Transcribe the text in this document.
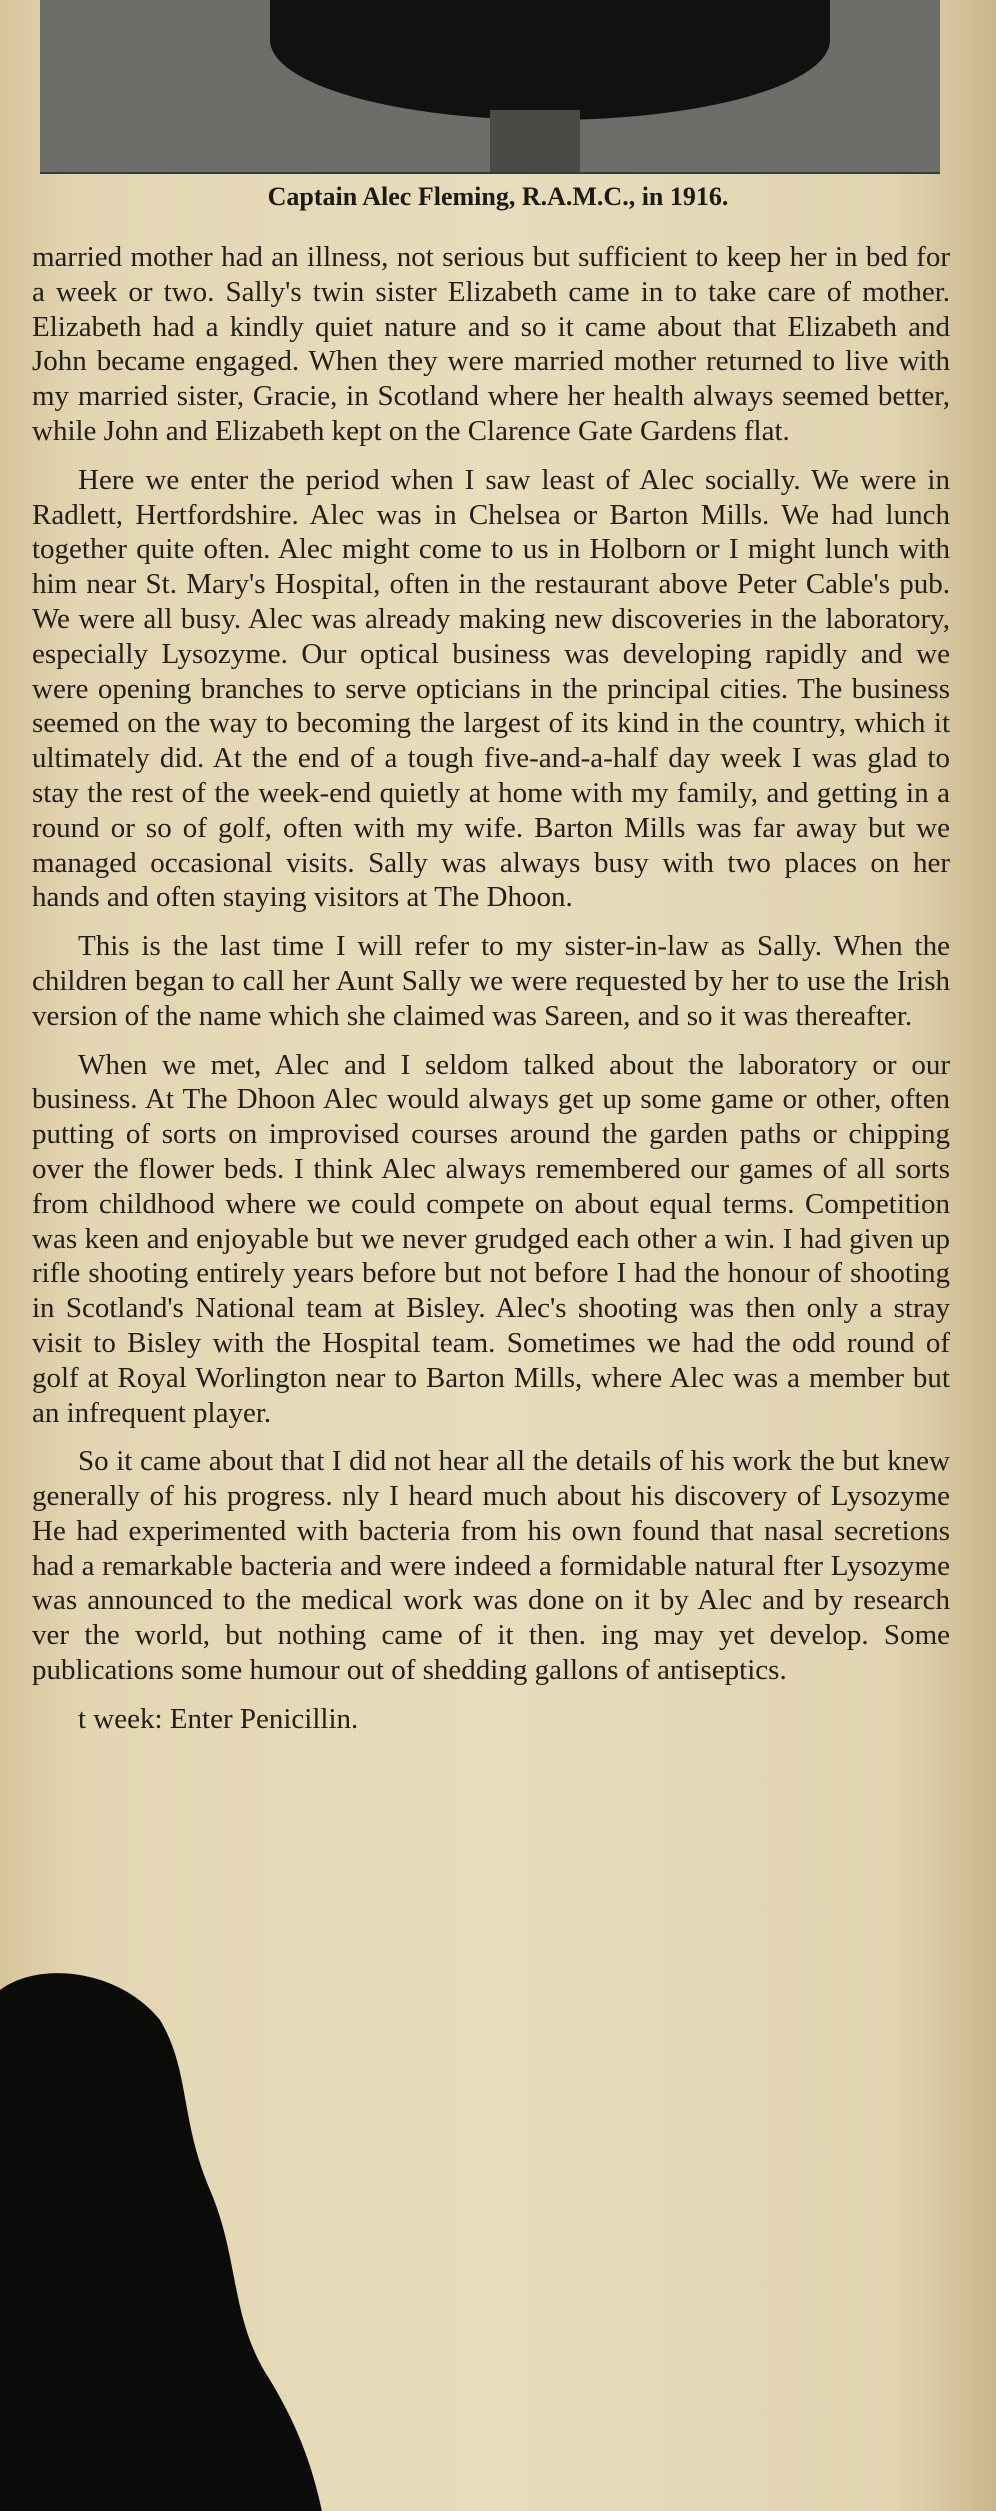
Captain Alec Fleming, R.A.M.C., in 1916.

married mother had an illness, not serious but sufficient to keep her in bed for a week or two. Sally's twin sister Elizabeth came in to take care of mother. Elizabeth had a kindly quiet nature and so it came about that Elizabeth and John became engaged. When they were married mother returned to live with my married sister, Gracie, in Scotland where her health always seemed better, while John and Elizabeth kept on the Clarence Gate Gardens flat.

Here we enter the period when I saw least of Alec socially. We were in Radlett, Hertfordshire. Alec was in Chelsea or Barton Mills. We had lunch together quite often. Alec might come to us in Holborn or I might lunch with him near St. Mary's Hospital, often in the restaurant above Peter Cable's pub. We were all busy. Alec was already making new discoveries in the laboratory, especially Lysozyme. Our optical business was developing rapidly and we were opening branches to serve opticians in the principal cities. The business seemed on the way to becoming the largest of its kind in the country, which it ultimately did. At the end of a tough five-and-a-half day week I was glad to stay the rest of the week-end quietly at home with my family, and getting in a round or so of golf, often with my wife. Barton Mills was far away but we managed occasional visits. Sally was always busy with two places on her hands and often staying visitors at The Dhoon.

This is the last time I will refer to my sister-in-law as Sally. When the children began to call her Aunt Sally we were requested by her to use the Irish version of the name which she claimed was Sareen, and so it was thereafter.

When we met, Alec and I seldom talked about the laboratory or our business. At The Dhoon Alec would always get up some game or other, often putting of sorts on improvised courses around the garden paths or chipping over the flower beds. I think Alec always remembered our games of all sorts from childhood where we could compete on about equal terms. Competition was keen and enjoyable but we never grudged each other a win. I had given up rifle shooting entirely years before but not before I had the honour of shooting in Scotland's National team at Bisley. Alec's shooting was then only a stray visit to Bisley with the Hospital team. Sometimes we had the odd round of golf at Royal Worlington near to Barton Mills, where Alec was a member but an infrequent player.

So it came about that I did not hear all the details of his work the but knew generally of his progress. nly I heard much about his discovery of Lysozyme He had experimented with bacteria from his own found that nasal secretions had a remarkable bacteria and were indeed a formidable natural fter Lysozyme was announced to the medical work was done on it by Alec and by research ver the world, but nothing came of it then. ing may yet develop. Some publications some humour out of shedding gallons of antiseptics.

t week: Enter Penicillin.
